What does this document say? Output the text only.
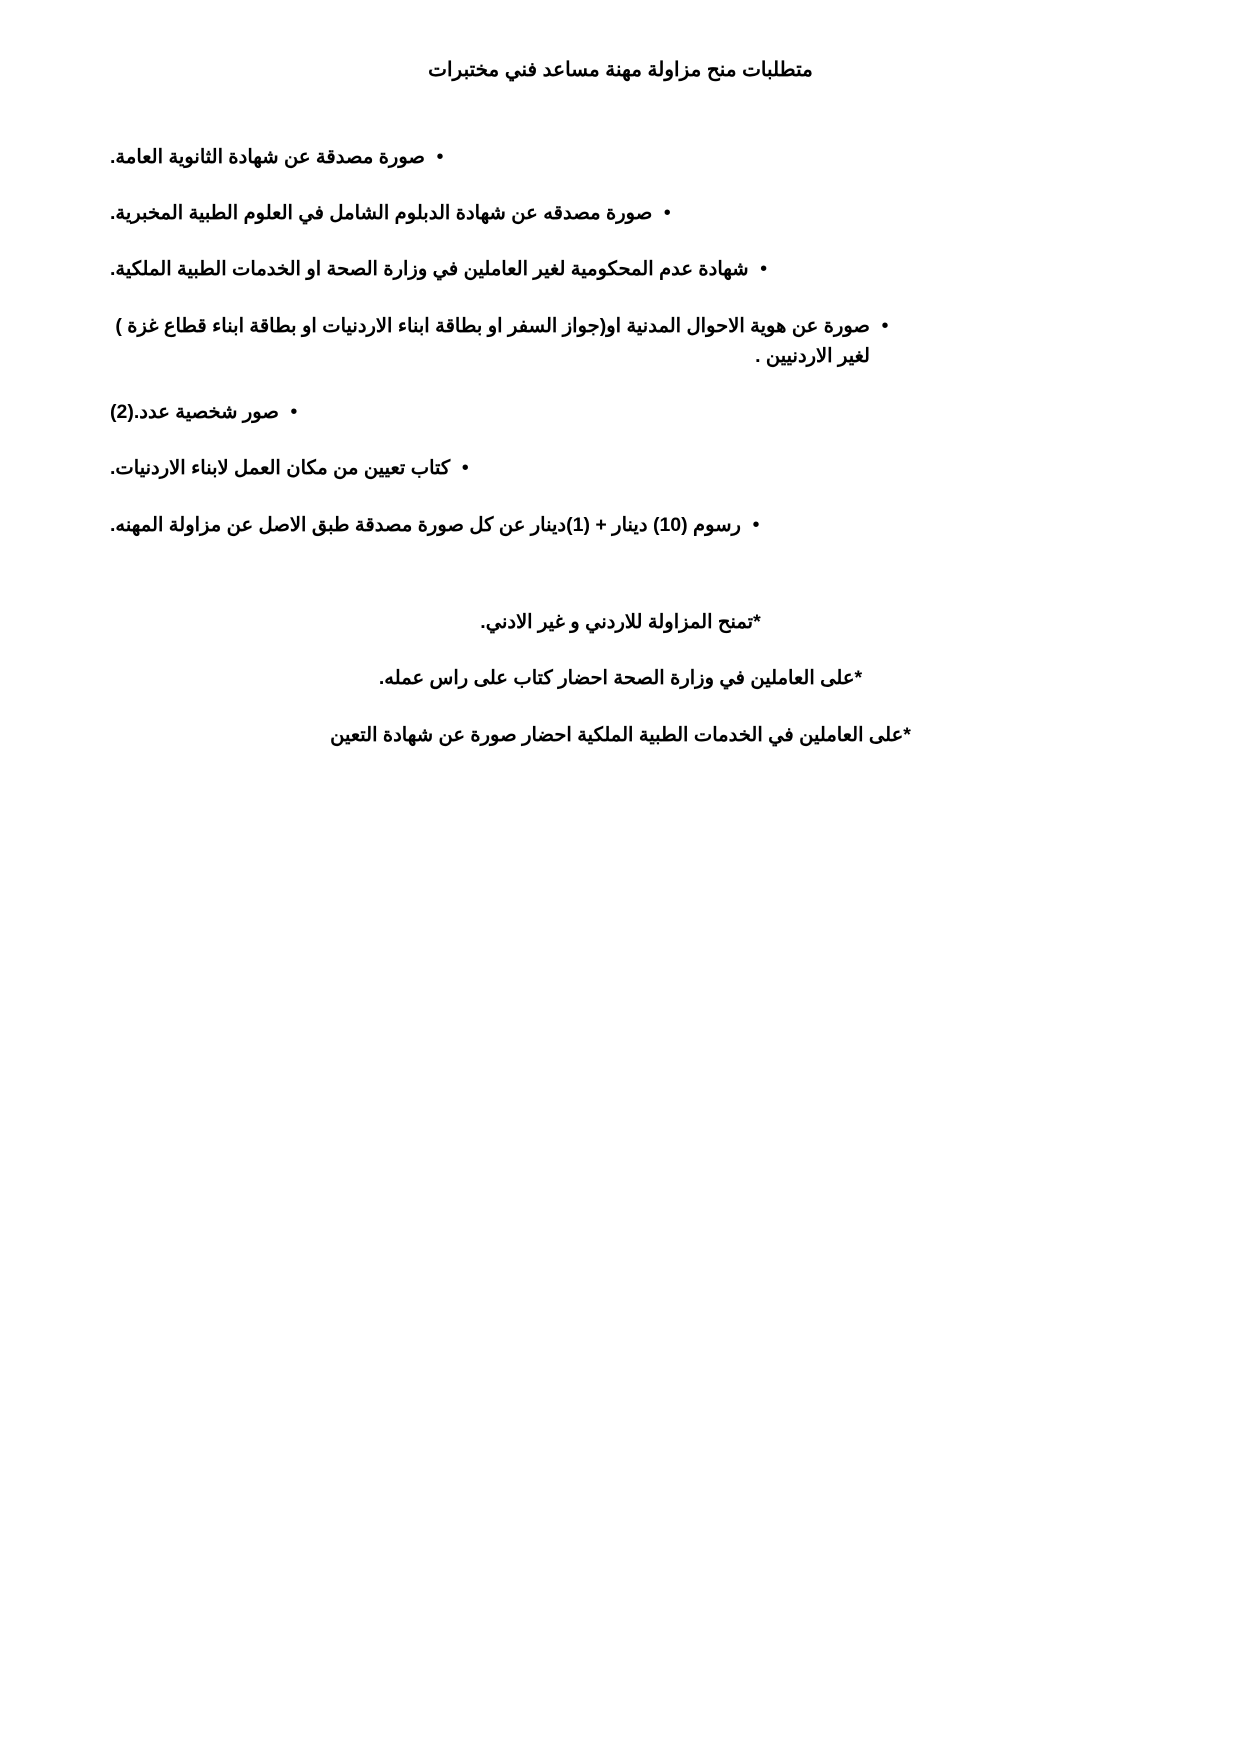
متطلبات منح مزاولة مهنة مساعد فني مختبرات
•
صورة مصدقة عن شهادة الثانوية العامة.
•
صورة مصدقه عن شهادة الدبلوم الشامل في العلوم الطبية المخبرية.
•
شهادة عدم المحكومية لغير العاملين في وزارة الصحة او الخدمات الطبية الملكية.
•
صورة عن هوية الاحوال المدنية او(جواز السفر او بطاقة ابناء الاردنيات او بطاقة ابناء قطاع غزة ) لغير الاردنيين .
•
صور شخصية عدد.(2)
•
كتاب تعيين من مكان العمل لابناء الاردنيات.
•
رسوم (10) دينار + (1)دينار عن كل صورة مصدقة طبق الاصل عن مزاولة المهنه.

*تمنح المزاولة للاردني و غير الادني.

*على العاملين في وزارة الصحة احضار كتاب على راس عمله.

*على العاملين في الخدمات الطبية الملكية احضار صورة عن شهادة التعين
